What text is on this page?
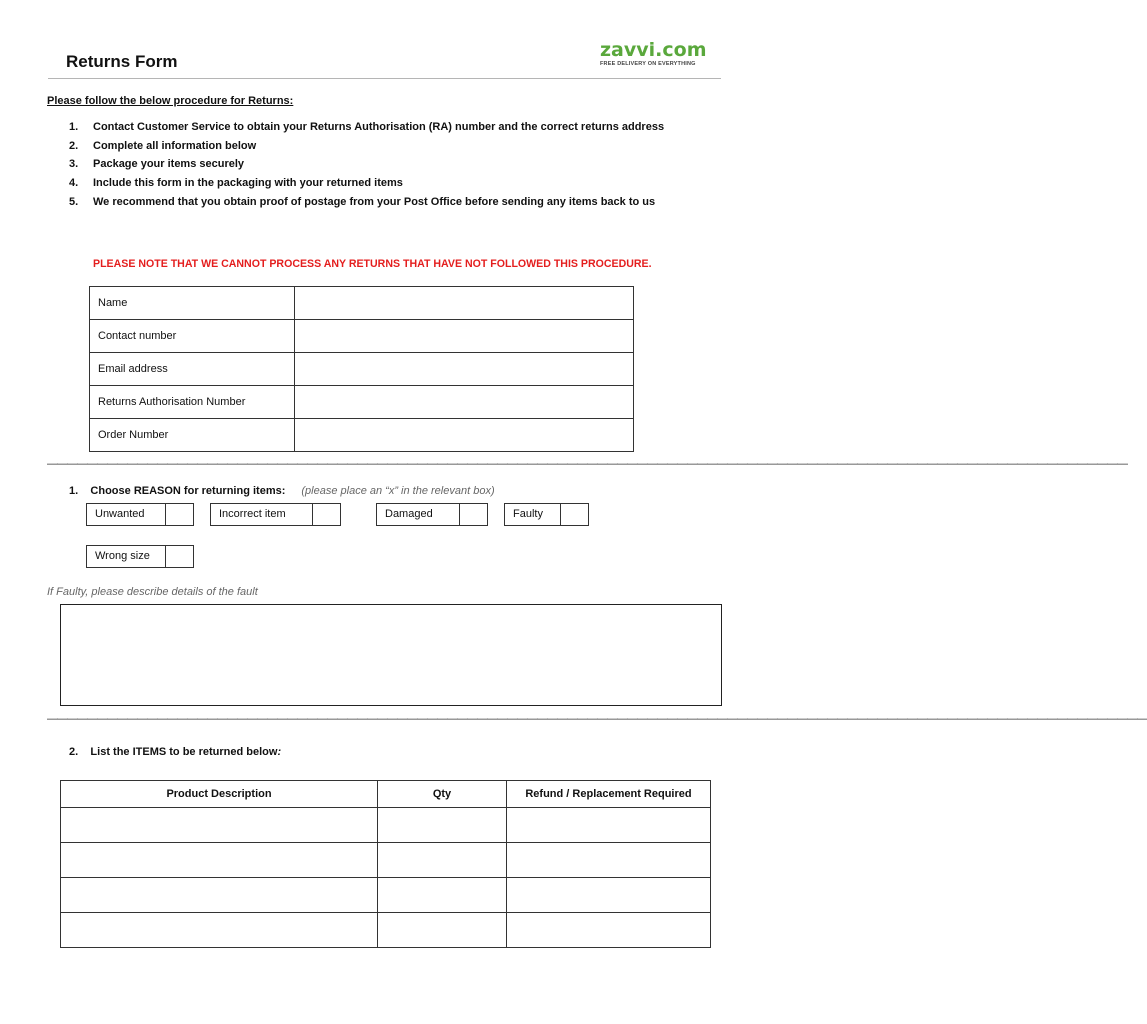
Returns Form
zavvi.com
FREE DELIVERY ON EVERYTHING
Please follow the below procedure for Returns:
1. Contact Customer Service to obtain your Returns Authorisation (RA) number and the correct returns address
2. Complete all information below
3. Package your items securely
4. Include this form in the packaging with your returned items
5. We recommend that you obtain proof of postage from your Post Office before sending any items back to us
PLEASE NOTE THAT WE CANNOT PROCESS ANY RETURNS THAT HAVE NOT FOLLOWED THIS PROCEDURE.
Name	
Contact number	
Email address	
Returns Authorisation Number	
Order Number	
————————————————————————————————————————————————————————————————————————————————————————————————————————————
1. Choose REASON for returning items: (please place an “x” in the relevant box)
Unwanted	Incorrect item	Damaged	Faulty
Wrong size
If Faulty, please describe details of the fault
——————————————————————————————————————————————————————————————————————————————————————————————————————————————
2. List the ITEMS to be returned below:
Product Description	Qty	Refund / Replacement Required
